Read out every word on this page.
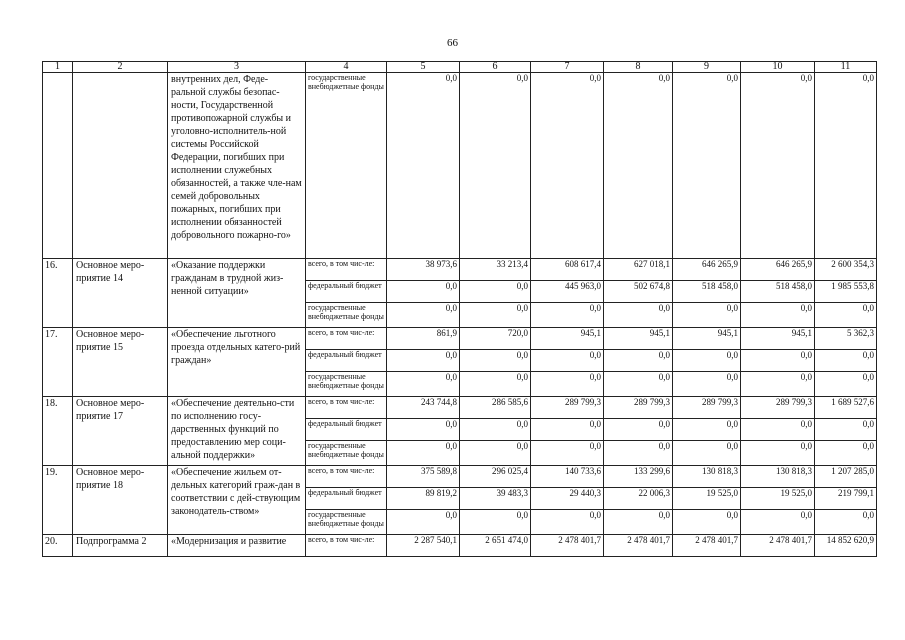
66
1	2	3	4	5	6	7	8	9	10	11
		внутренних дел, Феде-ральной службы безопас-ности, Государственной противопожарной службы и уголовно-исполнитель-ной системы Российской Федерации, погибших при исполнении служебных обязанностей, а также чле-нам семей добровольных пожарных, погибших при исполнении обязанностей добровольного пожарно-го»	государственные внебюджетные фонды	0,0	0,0	0,0	0,0	0,0	0,0	0,0
16.	Основное меро-приятие 14	«Оказание поддержки гражданам в трудной жиз-ненной ситуации»	всего, в том чис-ле:	38 973,6	33 213,4	608 617,4	627 018,1	646 265,9	646 265,9	2 600 354,3
			федеральный бюджет	0,0	0,0	445 963,0	502 674,8	518 458,0	518 458,0	1 985 553,8
			государственные внебюджетные фонды	0,0	0,0	0,0	0,0	0,0	0,0	0,0
17.	Основное меро-приятие 15	«Обеспечение льготного проезда отдельных катего-рий граждан»	всего, в том чис-ле:	861,9	720,0	945,1	945,1	945,1	945,1	5 362,3
			федеральный бюджет	0,0	0,0	0,0	0,0	0,0	0,0	0,0
			государственные внебюджетные фонды	0,0	0,0	0,0	0,0	0,0	0,0	0,0
18.	Основное меро-приятие 17	«Обеспечение деятельно-сти по исполнению госу-дарственных функций по предоставлению мер соци-альной поддержки»	всего, в том чис-ле:	243 744,8	286 585,6	289 799,3	289 799,3	289 799,3	289 799,3	1 689 527,6
			федеральный бюджет	0,0	0,0	0,0	0,0	0,0	0,0	0,0
			государственные внебюджетные фонды	0,0	0,0	0,0	0,0	0,0	0,0	0,0
19.	Основное меро-приятие 18	«Обеспечение жильем от-дельных категорий граж-дан в соответствии с дей-ствующим законодатель-ством»	всего, в том чис-ле:	375 589,8	296 025,4	140 733,6	133 299,6	130 818,3	130 818,3	1 207 285,0
			федеральный бюджет	89 819,2	39 483,3	29 440,3	22 006,3	19 525,0	19 525,0	219 799,1
			государственные внебюджетные фонды	0,0	0,0	0,0	0,0	0,0	0,0	0,0
20.	Подпрограмма 2	«Модернизация и развитие	всего, в том чис-ле:	2 287 540,1	2 651 474,0	2 478 401,7	2 478 401,7	2 478 401,7	2 478 401,7	14 852 620,9
